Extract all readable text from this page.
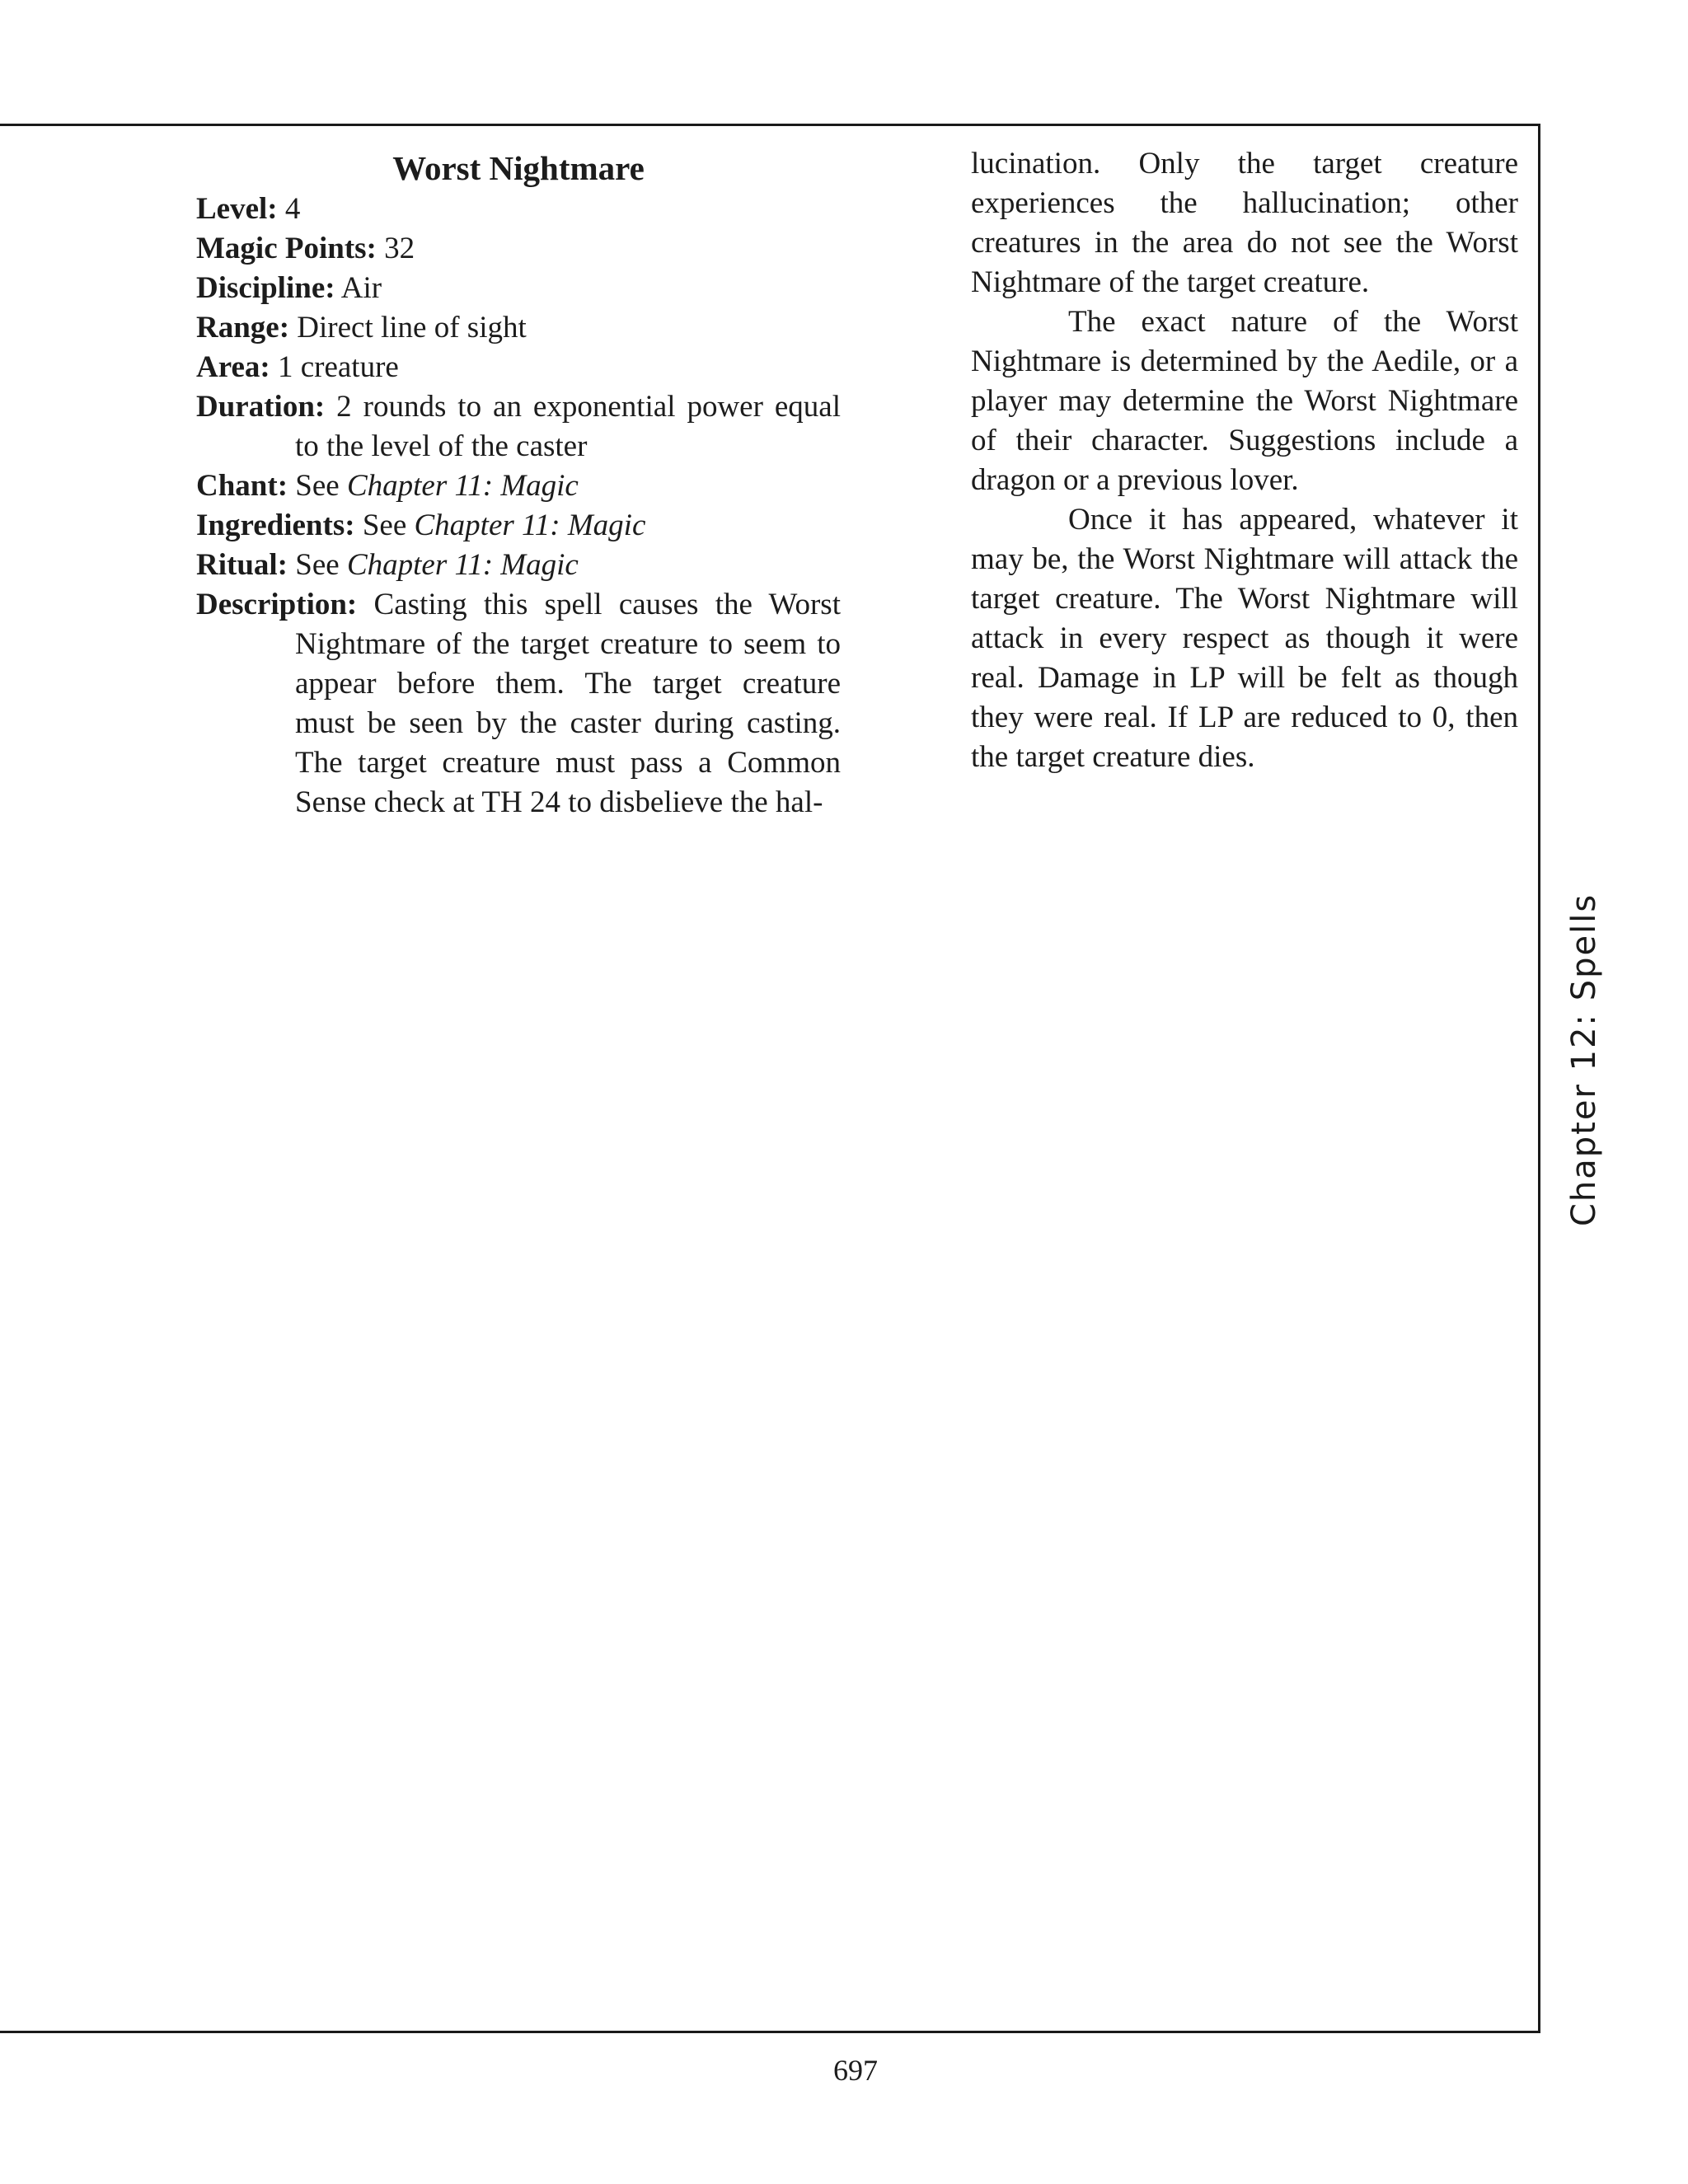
Worst Nightmare

Level: 4

Magic Points: 32

Discipline: Air

Range: Direct line of sight

Area: 1 creature

Duration: 2 rounds to an exponential power equal to the level of the caster

Chant: See Chapter 11: Magic

Ingredients: See Chapter 11: Magic

Ritual: See Chapter 11: Magic

Description: Casting this spell causes the Worst Nightmare of the target creature to seem to appear before them. The target creature must be seen by the caster during casting. The target creature must pass a Common Sense check at TH 24 to disbelieve the hal-

lucination. Only the target creature experiences the hallucination; other creatures in the area do not see the Worst Nightmare of the target creature.

The exact nature of the Worst Nightmare is determined by the Aedile, or a player may determine the Worst Nightmare of their character. Suggestions include a dragon or a previous lover.

Once it has appeared, whatever it may be, the Worst Nightmare will attack the target creature. The Worst Nightmare will attack in every respect as though it were real. Damage in LP will be felt as though they were real. If LP are reduced to 0, then the target creature dies.

Chapter 12: Spells
697
